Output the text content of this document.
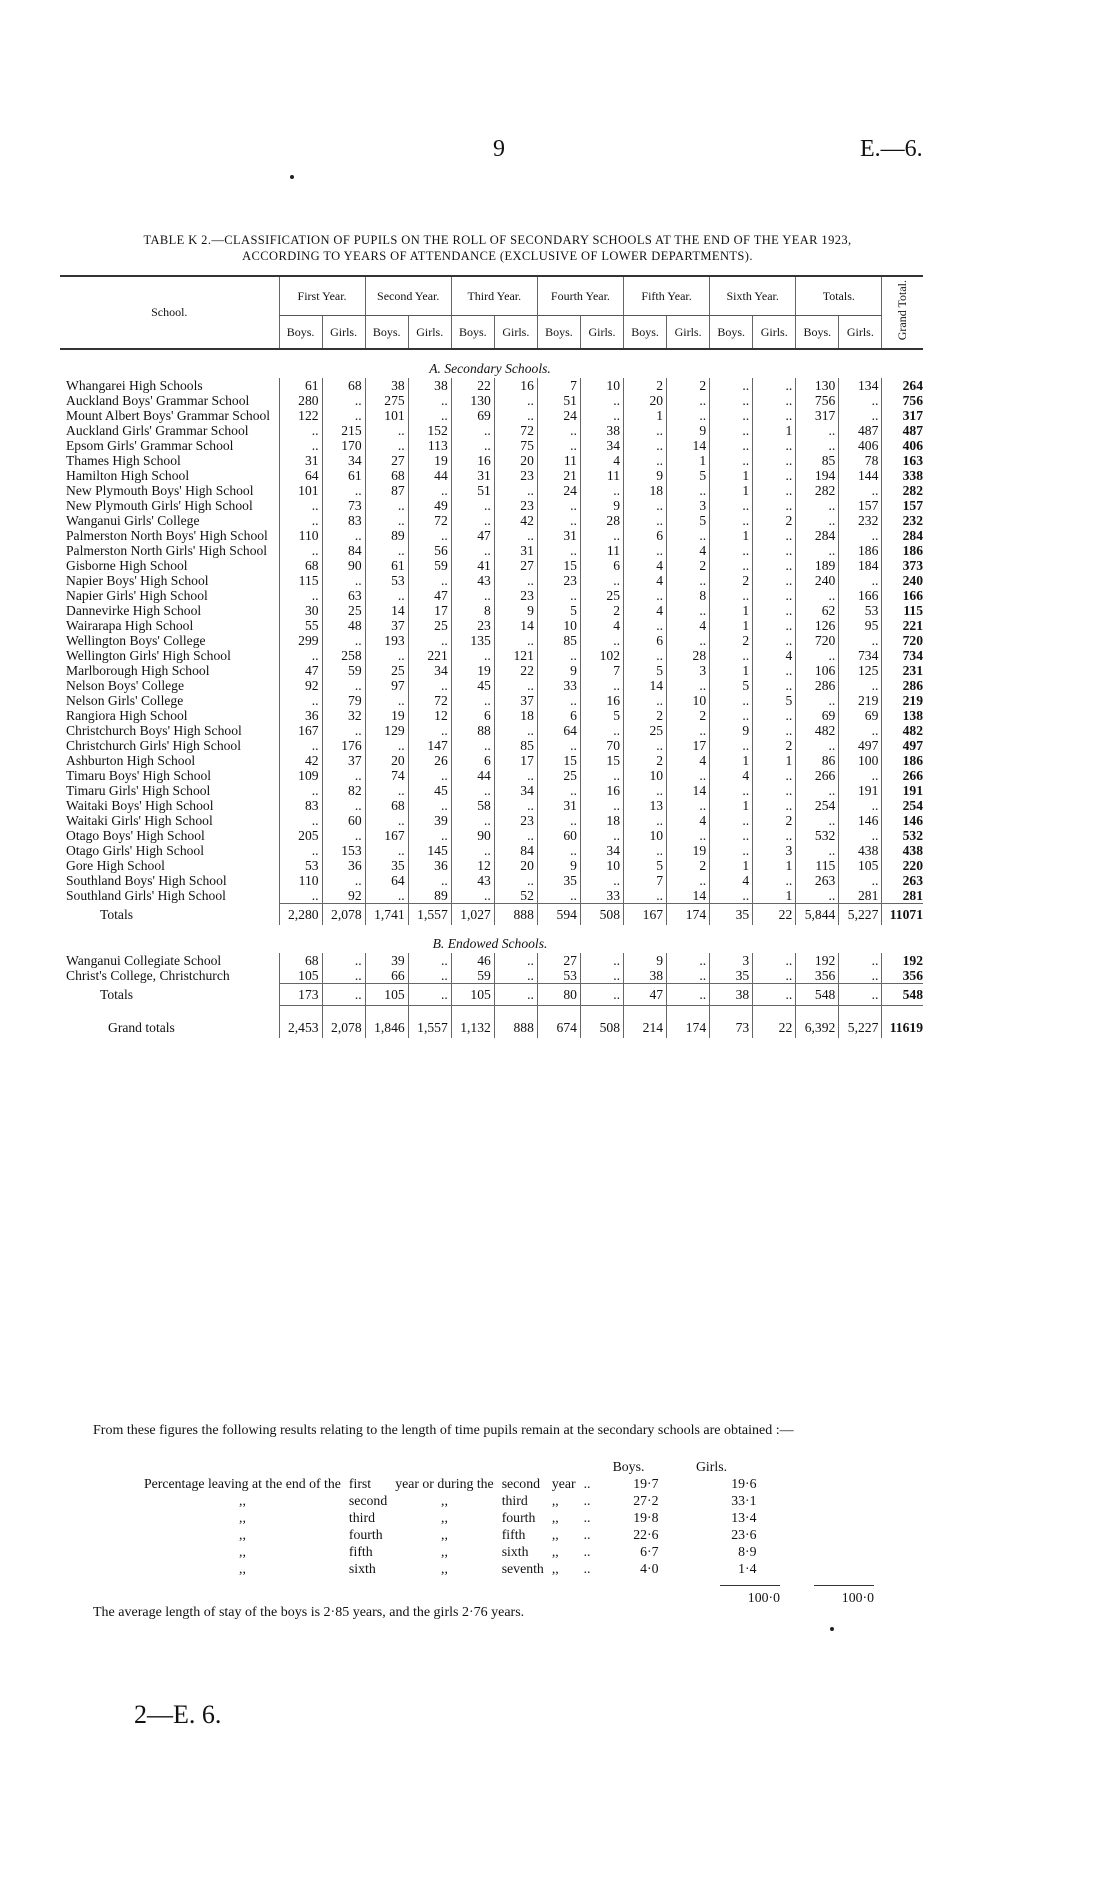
9	E.—6.
TABLE K 2.—CLASSIFICATION OF PUPILS ON THE ROLL OF SECONDARY SCHOOLS AT THE END OF THE YEAR 1923,
ACCORDING TO YEARS OF ATTENDANCE (EXCLUSIVE OF LOWER DEPARTMENTS).
School.	First Year.		Second Year.		Third Year.		Fourth Year.		Fifth Year.		Sixth Year.		Totals.		Grand Total.
	Boys.	Girls.	Boys.	Girls.	Boys.	Girls.	Boys.	Girls.	Boys.	Girls.	Boys.	Girls.	Boys.	Girls.	
A. Secondary Schools.															
Whangarei High Schools	61	68	38	38	22	16	7	10	2	2	..	..	130	134	264
Auckland Boys' Grammar School	280	..	275	..	130	..	51	..	20	..	..	..	756	..	756
Mount Albert Boys' Grammar School	122	..	101	..	69	..	24	..	1	..	..	..	317	..	317
Auckland Girls' Grammar School	..	215	..	152	..	72	..	38	..	9	..	1	..	487	487
Epsom Girls' Grammar School	..	170	..	113	..	75	..	34	..	14	..	..	..	406	406
Thames High School	31	34	27	19	16	20	11	4	..	1	..	..	85	78	163
Hamilton High School	64	61	68	44	31	23	21	11	9	5	1	..	194	144	338
New Plymouth Boys' High School	101	..	87	..	51	..	24	..	18	..	1	..	282	..	282
New Plymouth Girls' High School	..	73	..	49	..	23	..	9	..	3	..	..	..	157	157
Wanganui Girls' College	..	83	..	72	..	42	..	28	..	5	..	2	..	232	232
Palmerston North Boys' High School	110	..	89	..	47	..	31	..	6	..	1	..	284	..	284
Palmerston North Girls' High School	..	84	..	56	..	31	..	11	..	4	..	..	..	186	186
Gisborne High School	68	90	61	59	41	27	15	6	4	2	..	..	189	184	373
Napier Boys' High School	115	..	53	..	43	..	23	..	4	..	2	..	240	..	240
Napier Girls' High School	..	63	..	47	..	23	..	25	..	8	..	..	..	166	166
Dannevirke High School	30	25	14	17	8	9	5	2	4	..	1	..	62	53	115
Wairarapa High School	55	48	37	25	23	14	10	4	..	4	1	..	126	95	221
Wellington Boys' College	299	..	193	..	135	..	85	..	6	..	2	..	720	..	720
Wellington Girls' High School	..	258	..	221	..	121	..	102	..	28	..	4	..	734	734
Marlborough High School	47	59	25	34	19	22	9	7	5	3	1	..	106	125	231
Nelson Boys' College	92	..	97	..	45	..	33	..	14	..	5	..	286	..	286
Nelson Girls' College	..	79	..	72	..	37	..	16	..	10	..	5	..	219	219
Rangiora High School	36	32	19	12	6	18	6	5	2	2	..	..	69	69	138
Christchurch Boys' High School	167	..	129	..	88	..	64	..	25	..	9	..	482	..	482
Christchurch Girls' High School	..	176	..	147	..	85	..	70	..	17	..	2	..	497	497
Ashburton High School	42	37	20	26	6	17	15	15	2	4	1	1	86	100	186
Timaru Boys' High School	109	..	74	..	44	..	25	..	10	..	4	..	266	..	266
Timaru Girls' High School	..	82	..	45	..	34	..	16	..	14	..	..	..	191	191
Waitaki Boys' High School	83	..	68	..	58	..	31	..	13	..	1	..	254	..	254
Waitaki Girls' High School	..	60	..	39	..	23	..	18	..	4	..	2	..	146	146
Otago Boys' High School	205	..	167	..	90	..	60	..	10	..	..	..	532	..	532
Otago Girls' High School	..	153	..	145	..	84	..	34	..	19	..	3	..	438	438
Gore High School	53	36	35	36	12	20	9	10	5	2	1	1	115	105	220
Southland Boys' High School	110	..	64	..	43	..	35	..	7	..	4	..	263	..	263
Southland Girls' High School	..	92	..	89	..	52	..	33	..	14	..	1	..	281	281
Totals	2,280	2,078	1,741	1,557	1,027	888	594	508	167	174	35	22	5,844	5,227	11071
B. Endowed Schools.															
Wanganui Collegiate School	68	..	39	..	46	..	27	..	9	..	3	..	192	..	192
Christ's College, Christchurch	105	..	66	..	59	..	53	..	38	..	35	..	356	..	356
Totals	173	..	105	..	105	..	80	..	47	..	38	..	548	..	548
Grand totals	2,453	2,078	1,846	1,557	1,132	888	674	508	214	174	73	22	6,392	5,227	11619
From these figures the following results relating to the length of time pupils remain at the secondary schools are obtained :—
						Boys.	Girls.
Percentage leaving at the end of the	first	year or during the	second	year	..	19·7	19·6
,,	second	,,	third	,,	..	27·2	33·1
,,	third	,,	fourth	,,	..	19·8	13·4
,,	fourth	,,	fifth	,,	..	22·6	23·6
,,	fifth	,,	sixth	,,	..	6·7	8·9
,,	sixth	,,	seventh	,,	..	4·0	1·4
100·0	100·0
The average length of stay of the boys is 2·85 years, and the girls 2·76 years.
2—E. 6.
